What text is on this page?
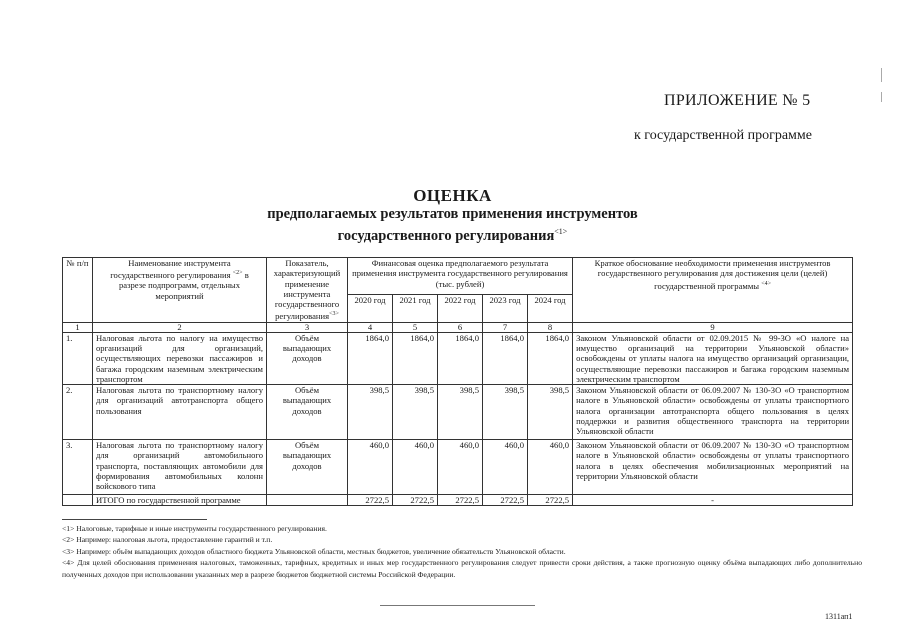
ПРИЛОЖЕНИЕ № 5
к государственной программе
ОЦЕНКА
предполагаемых результатов применения инструментов
государственного регулирования$^{<1>}$
№ п/п	Наименование инструмента государственного регулирования $^{<2>}$ в разрезе подпрограмм, отдельных мероприятий	Показатель, характеризующий применение инструмента государственного регулирования$^{<3>}$	Финансовая оценка предполагаемого результата применения инструмента государственного регулирования (тыс. рублей)					Краткое обоснование необходимости применения инструментов государственного регулирования для достижения цели (целей) государственной программы $^{<4>}$
			2020 год	2021 год	2022 год	2023 год	2024 год	
1	2	3	4	5	6	7	8	9
1.	Налоговая льгота по налогу на имущество организаций для организаций, осуществляющих перевозки пассажиров и багажа городским наземным электрическим транспортом	Объём выпадающих доходов	1864,0	1864,0	1864,0	1864,0	1864,0	Законом Ульяновской области от 02.09.2015 № 99-ЗО «О налоге на имущество организаций на территории Ульяновской области» освобождены от уплаты налога на имущество организаций организации, осуществляющие перевозки пассажиров и багажа городским наземным электрическим транспортом
2.	Налоговая льгота по транспортному налогу для организаций автотранспорта общего пользования	Объём выпадающих доходов	398,5	398,5	398,5	398,5	398,5	Законом Ульяновской области от 06.09.2007 № 130-ЗО «О транспортном налоге в Ульяновской области» освобождены от уплаты транспортного налога организации автотранспорта общего пользования в целях поддержки и развития общественного транспорта на территории Ульяновской области
3.	Налоговая льгота по транспортному налогу для организаций автомобильного транспорта, поставляющих автомобили для формирования автомобильных колонн войскового типа	Объём выпадающих доходов	460,0	460,0	460,0	460,0	460,0	Законом Ульяновской области от 06.09.2007 № 130-ЗО «О транспортном налоге в Ульяновской области» освобождены от уплаты транспортного налога в целях обеспечения мобилизационных мероприятий на территории Ульяновской области
	ИТОГО по государственной программе		2722,5	2722,5	2722,5	2722,5	2722,5	-

<1> Налоговые, тарифные и иные инструменты государственного регулирования.

<2> Например: налоговая льгота, предоставление гарантий и т.п.

<3> Например: объём выпадающих доходов областного бюджета Ульяновской области, местных бюджетов, увеличение обязательств Ульяновской области.

<4> Для целей обоснования применения налоговых, таможенных, тарифных, кредитных и иных мер государственного регулирования следует привести сроки действия, а также прогнозную оценку объёма выпадающих либо дополнительно полученных доходов при использовании указанных мер в разрезе бюджетов бюджетной системы Российской Федерации.

1311ап1
